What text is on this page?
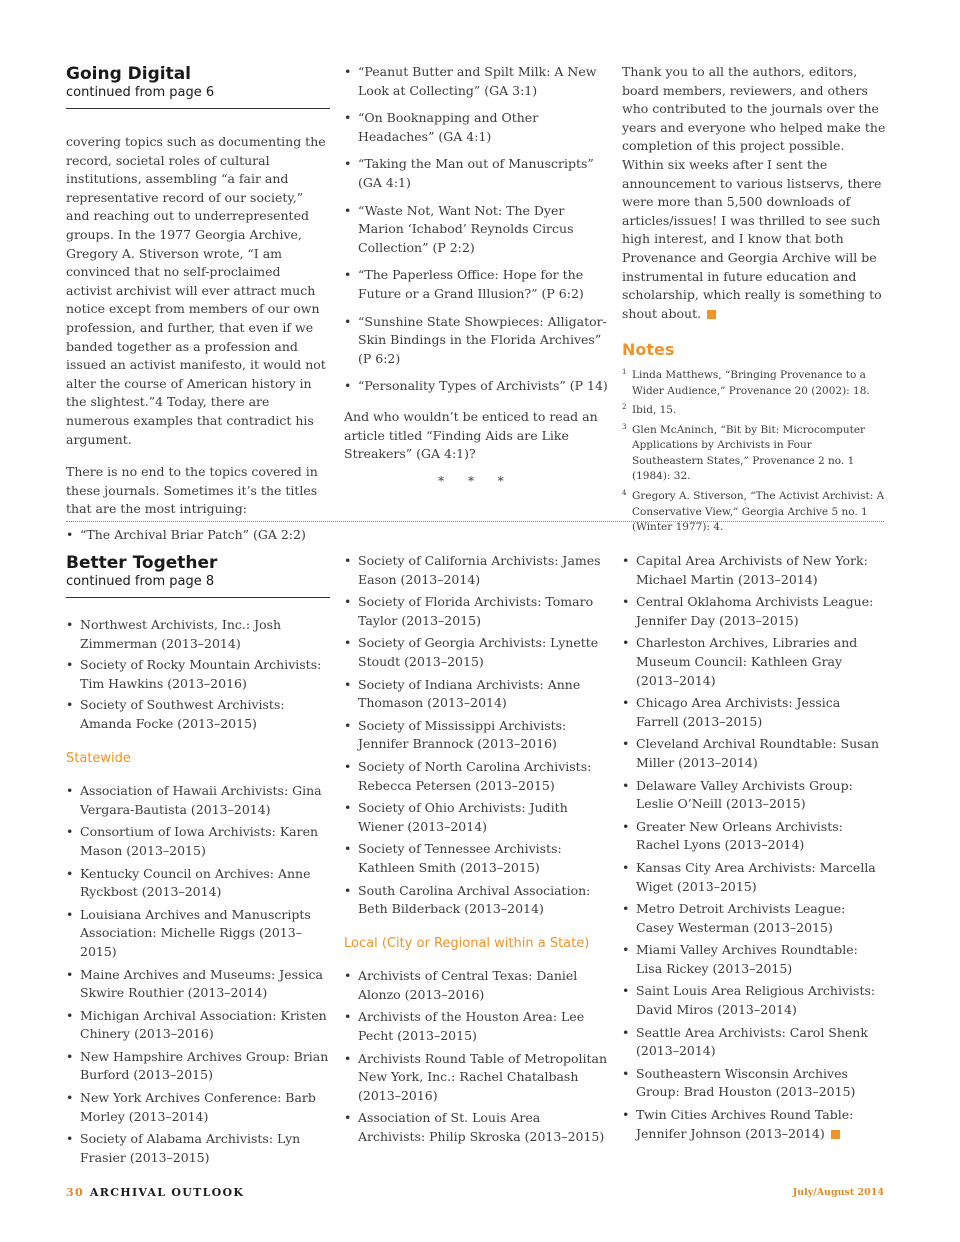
Going Digital
continued from page 6

covering topics such as documenting the record, societal roles of cultural institutions, assembling “a fair and representative record of our society,” and reaching out to underrepresented groups. In the 1977 Georgia Archive, Gregory A. Stiverson wrote, “I am convinced that no self-proclaimed activist archivist will ever attract much notice except from members of our own profession, and further, that even if we banded together as a profession and issued an activist manifesto, it would not alter the course of American history in the slightest.”4 Today, there are numerous examples that contradict his argument.

There is no end to the topics covered in these journals. Sometimes it’s the titles that are the most intriguing:

• “The Archival Briar Patch” (GA 2:2)
• “Peanut Butter and Spilt Milk: A New Look at Collecting” (GA 3:1)
• “On Booknapping and Other Headaches” (GA 4:1)
• “Taking the Man out of Manuscripts” (GA 4:1)
• “Waste Not, Want Not: The Dyer Marion ‘Ichabod’ Reynolds Circus Collection” (P 2:2)
• “The Paperless Office: Hope for the Future or a Grand Illusion?” (P 6:2)
• “Sunshine State Showpieces: Alligator-Skin Bindings in the Florida Archives” (P 6:2)
• “Personality Types of Archivists” (P 14)

And who wouldn’t be enticed to read an article titled “Finding Aids are Like Streakers” (GA 4:1)?

* * *

Thank you to all the authors, editors, board members, reviewers, and others who contributed to the journals over the years and everyone who helped make the completion of this project possible. Within six weeks after I sent the announcement to various listservs, there were more than 5,500 downloads of articles/issues! I was thrilled to see such high interest, and I know that both Provenance and Georgia Archive will be instrumental in future education and scholarship, which really is something to shout about.

Notes
1 Linda Matthews, “Bringing Provenance to a Wider Audience,” Provenance 20 (2002): 18.
2 Ibid, 15.
3 Glen McAninch, “Bit by Bit: Microcomputer Applications by Archivists in Four Southeastern States,” Provenance 2 no. 1 (1984): 32.
4 Gregory A. Stiverson, “The Activist Archivist: A Conservative View,” Georgia Archive 5 no. 1 (Winter 1977): 4.
Better Together
continued from page 8
• Northwest Archivists, Inc.: Josh Zimmerman (2013–2014)
• Society of Rocky Mountain Archivists: Tim Hawkins (2013–2016)
• Society of Southwest Archivists: Amanda Focke (2013–2015)
Statewide
• Association of Hawaii Archivists: Gina Vergara-Bautista (2013–2014)
• Consortium of Iowa Archivists: Karen Mason (2013–2015)
• Kentucky Council on Archives: Anne Ryckbost (2013–2014)
• Louisiana Archives and Manuscripts Association: Michelle Riggs (2013–2015)
• Maine Archives and Museums: Jessica Skwire Routhier (2013–2014)
• Michigan Archival Association: Kristen Chinery (2013–2016)
• New Hampshire Archives Group: Brian Burford (2013–2015)
• New York Archives Conference: Barb Morley (2013–2014)
• Society of Alabama Archivists: Lyn Frasier (2013–2015)
• Society of California Archivists: James Eason (2013–2014)
• Society of Florida Archivists: Tomaro Taylor (2013–2015)
• Society of Georgia Archivists: Lynette Stoudt (2013–2015)
• Society of Indiana Archivists: Anne Thomason (2013–2014)
• Society of Mississippi Archivists: Jennifer Brannock (2013–2016)
• Society of North Carolina Archivists: Rebecca Petersen (2013–2015)
• Society of Ohio Archivists: Judith Wiener (2013–2014)
• Society of Tennessee Archivists: Kathleen Smith (2013–2015)
• South Carolina Archival Association: Beth Bilderback (2013–2014)
Local (City or Regional within a State)
• Archivists of Central Texas: Daniel Alonzo (2013–2016)
• Archivists of the Houston Area: Lee Pecht (2013–2015)
• Archivists Round Table of Metropolitan New York, Inc.: Rachel Chatalbash (2013–2016)
• Association of St. Louis Area Archivists: Philip Skroska (2013–2015)
• Capital Area Archivists of New York: Michael Martin (2013–2014)
• Central Oklahoma Archivists League: Jennifer Day (2013–2015)
• Charleston Archives, Libraries and Museum Council: Kathleen Gray (2013–2014)
• Chicago Area Archivists: Jessica Farrell (2013–2015)
• Cleveland Archival Roundtable: Susan Miller (2013–2014)
• Delaware Valley Archivists Group: Leslie O’Neill (2013–2015)
• Greater New Orleans Archivists: Rachel Lyons (2013–2014)
• Kansas City Area Archivists: Marcella Wiget (2013–2015)
• Metro Detroit Archivists League: Casey Westerman (2013–2015)
• Miami Valley Archives Roundtable: Lisa Rickey (2013–2015)
• Saint Louis Area Religious Archivists: David Miros (2013–2014)
• Seattle Area Archivists: Carol Shenk (2013–2014)
• Southeastern Wisconsin Archives Group: Brad Houston (2013–2015)
• Twin Cities Archives Round Table: Jennifer Johnson (2013–2014)
30 ARCHIVAL OUTLOOK	July/August 2014
